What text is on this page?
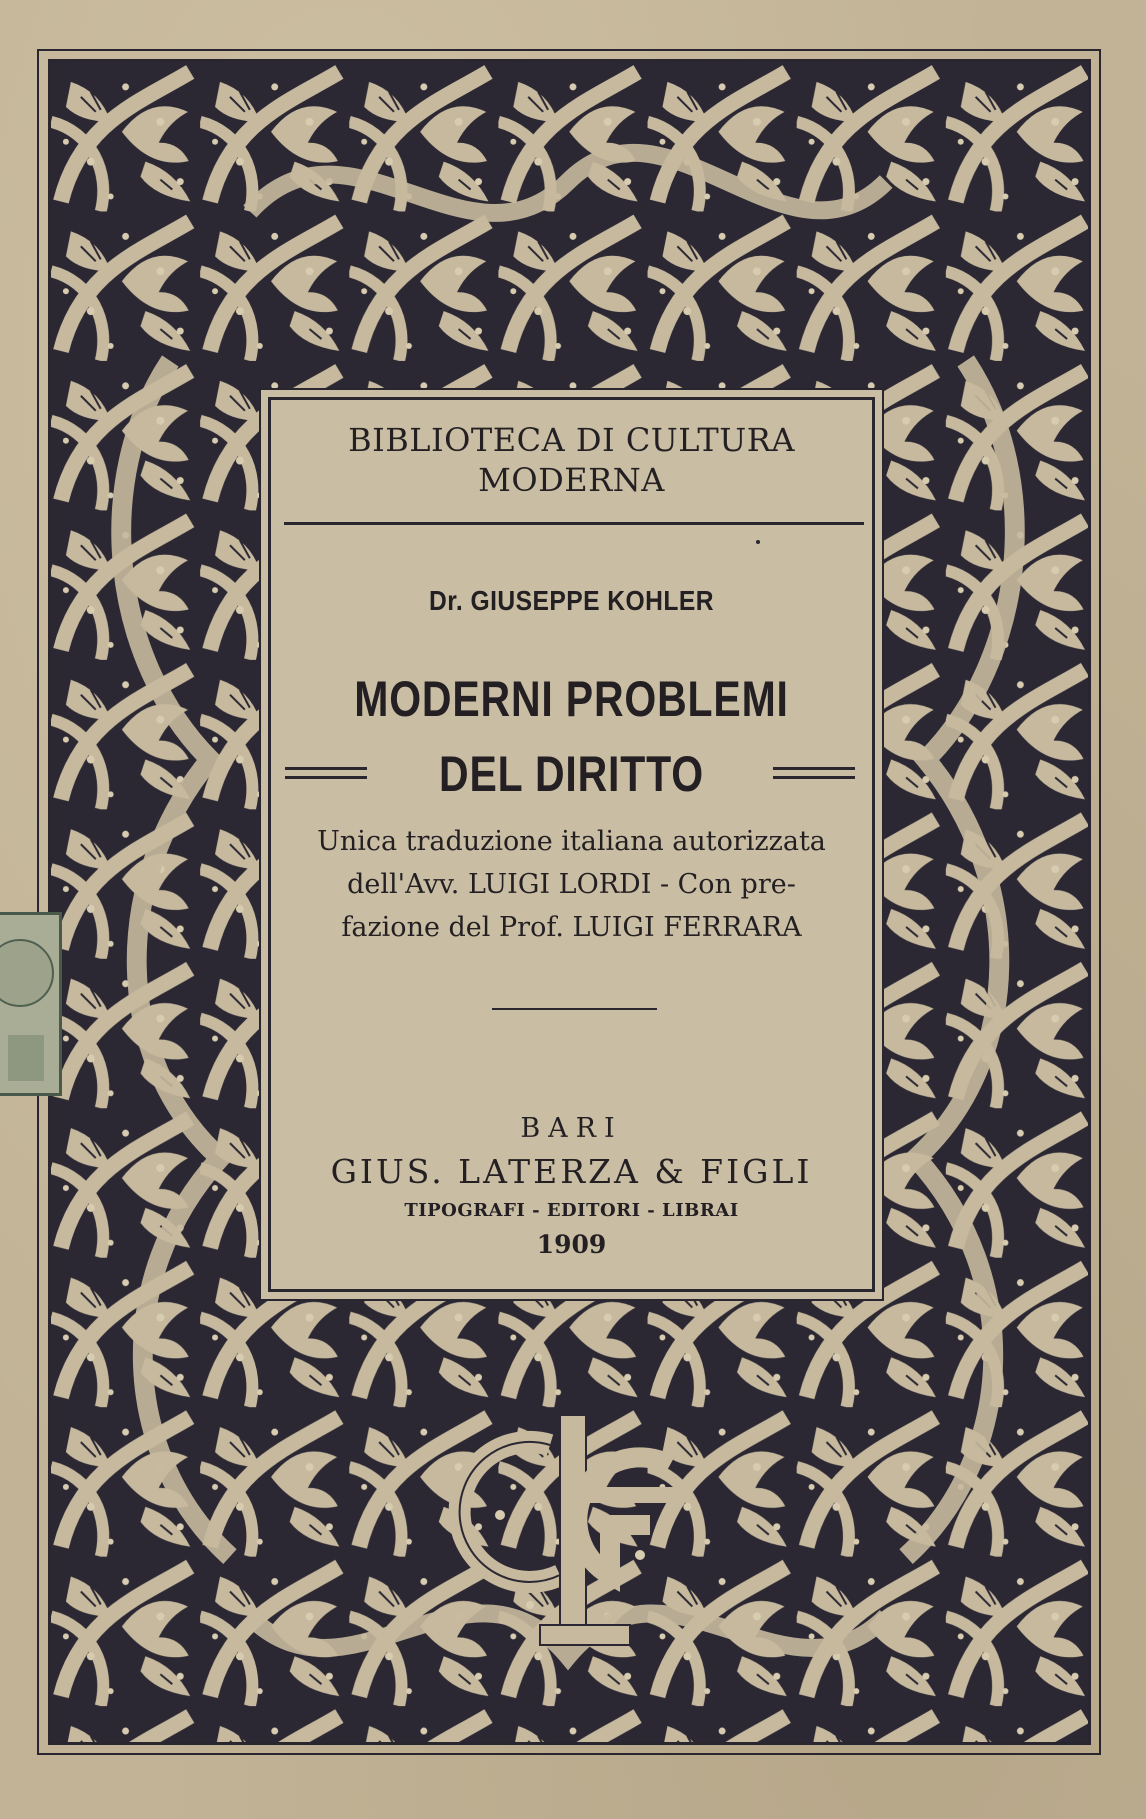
BIBLIOTECA DI CULTURA
MODERNA
Dr. GIUSEPPE KOHLER
MODERNI PROBLEMI
DEL DIRITTO
Unica traduzione italiana autorizzata
dell'Avv. LUIGI LORDI - Con pre-
fazione del Prof. LUIGI FERRARA
BARI
GIUS. LATERZA & FIGLI
TIPOGRAFI - EDITORI - LIBRAI
1909
